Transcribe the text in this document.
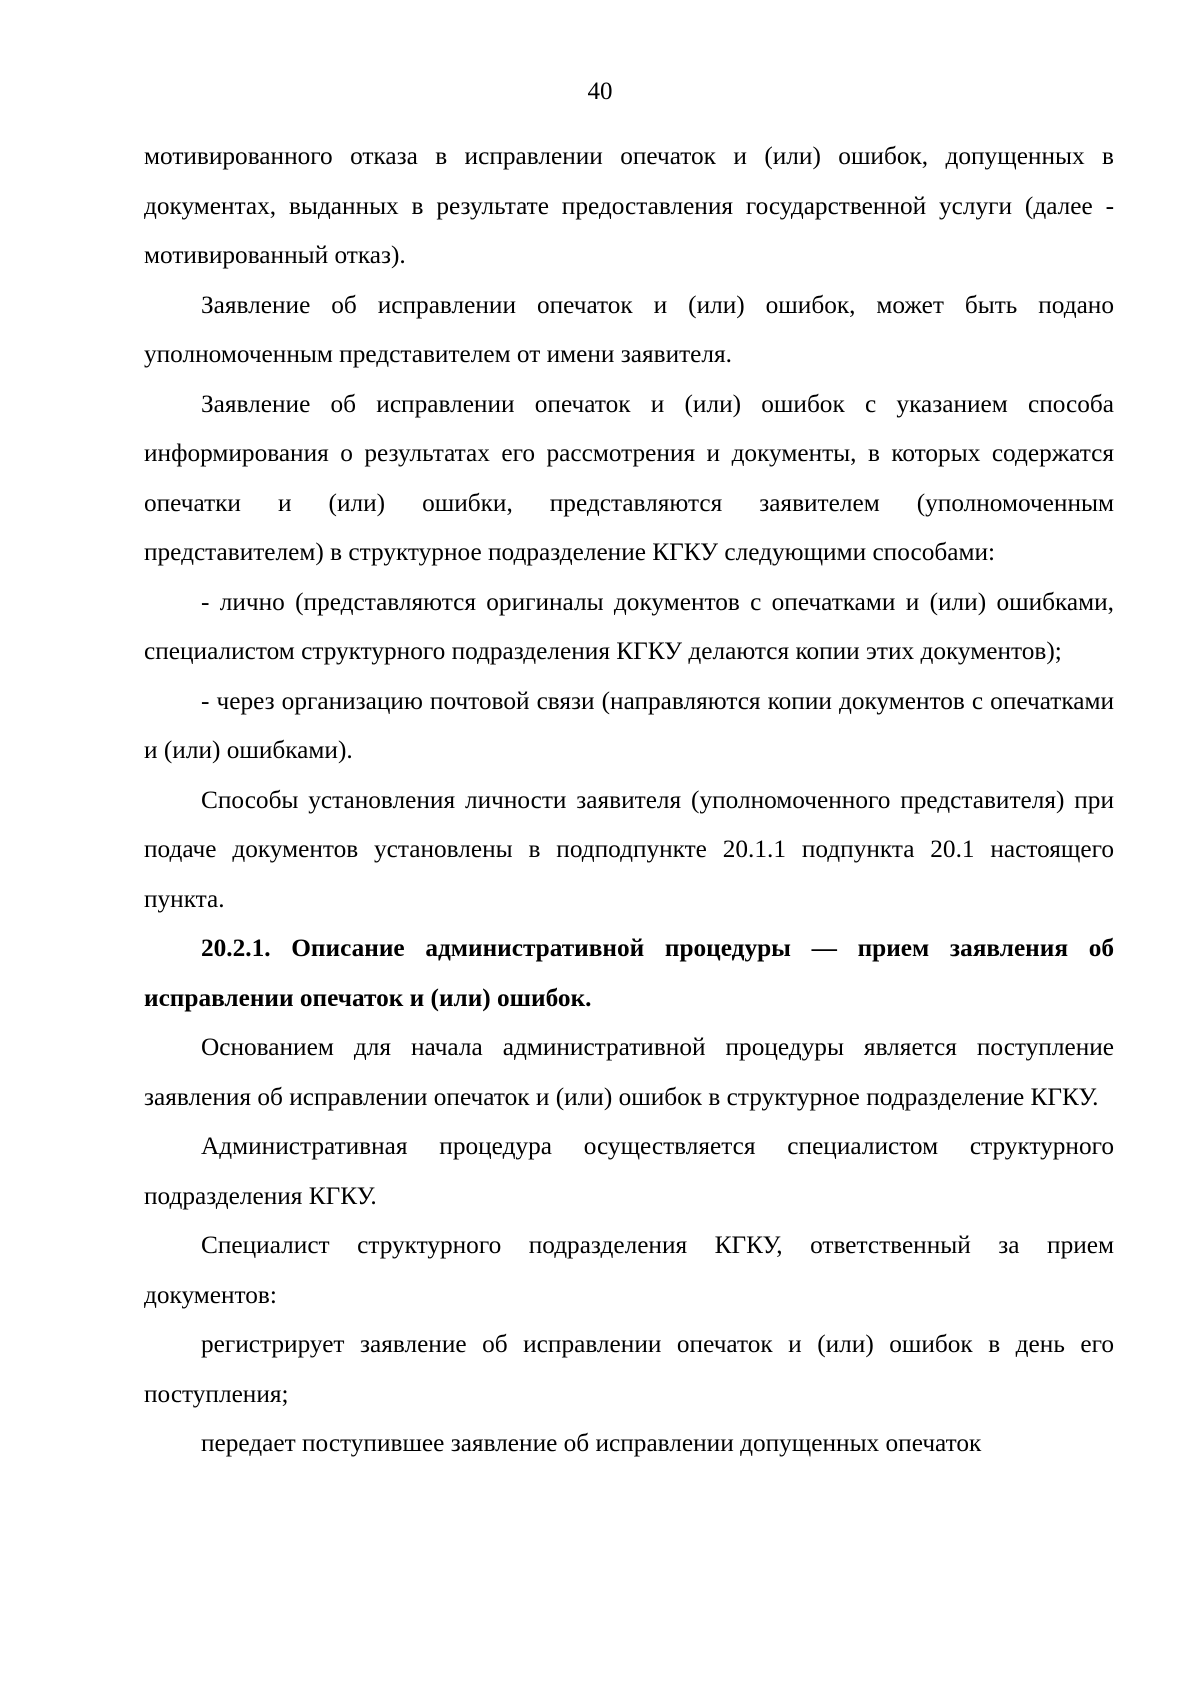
40

мотивированного отказа в исправлении опечаток и (или) ошибок, допущенных в документах, выданных в результате предоставления государственной услуги (далее - мотивированный отказ).

Заявление об исправлении опечаток и (или) ошибок, может быть подано уполномоченным представителем от имени заявителя.

Заявление об исправлении опечаток и (или) ошибок с указанием способа информирования о результатах его рассмотрения и документы, в которых содержатся опечатки и (или) ошибки, представляются заявителем (уполномоченным представителем) в структурное подразделение КГКУ следующими способами:

- лично (представляются оригиналы документов с опечатками и (или) ошибками, специалистом структурного подразделения КГКУ делаются копии этих документов);

- через организацию почтовой связи (направляются копии документов с опечатками и (или) ошибками).

Способы установления личности заявителя (уполномоченного представителя) при подаче документов установлены в подподпункте 20.1.1 подпункта 20.1 настоящего пункта.

20.2.1. Описание административной процедуры — прием заявления об исправлении опечаток и (или) ошибок.

Основанием для начала административной процедуры является поступление заявления об исправлении опечаток и (или) ошибок в структурное подразделение КГКУ.

Административная процедура осуществляется специалистом структурного подразделения КГКУ.

Специалист структурного подразделения КГКУ, ответственный за прием документов:

регистрирует заявление об исправлении опечаток и (или) ошибок в день его поступления;

передает поступившее заявление об исправлении допущенных опечаток
